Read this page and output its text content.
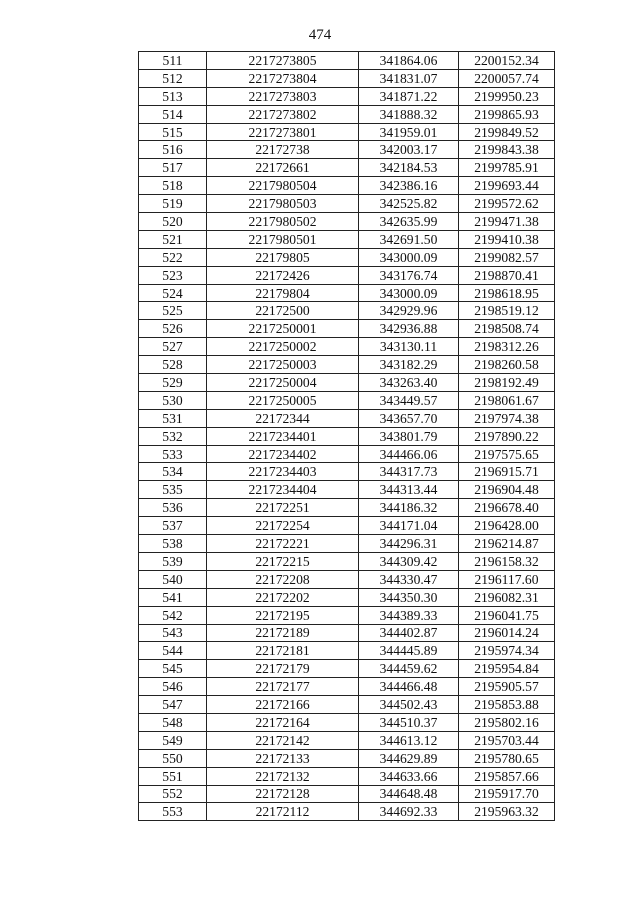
474
511	2217273805	341864.06	2200152.34
512	2217273804	341831.07	2200057.74
513	2217273803	341871.22	2199950.23
514	2217273802	341888.32	2199865.93
515	2217273801	341959.01	2199849.52
516	22172738	342003.17	2199843.38
517	22172661	342184.53	2199785.91
518	2217980504	342386.16	2199693.44
519	2217980503	342525.82	2199572.62
520	2217980502	342635.99	2199471.38
521	2217980501	342691.50	2199410.38
522	22179805	343000.09	2199082.57
523	22172426	343176.74	2198870.41
524	22179804	343000.09	2198618.95
525	22172500	342929.96	2198519.12
526	2217250001	342936.88	2198508.74
527	2217250002	343130.11	2198312.26
528	2217250003	343182.29	2198260.58
529	2217250004	343263.40	2198192.49
530	2217250005	343449.57	2198061.67
531	22172344	343657.70	2197974.38
532	2217234401	343801.79	2197890.22
533	2217234402	344466.06	2197575.65
534	2217234403	344317.73	2196915.71
535	2217234404	344313.44	2196904.48
536	22172251	344186.32	2196678.40
537	22172254	344171.04	2196428.00
538	22172221	344296.31	2196214.87
539	22172215	344309.42	2196158.32
540	22172208	344330.47	2196117.60
541	22172202	344350.30	2196082.31
542	22172195	344389.33	2196041.75
543	22172189	344402.87	2196014.24
544	22172181	344445.89	2195974.34
545	22172179	344459.62	2195954.84
546	22172177	344466.48	2195905.57
547	22172166	344502.43	2195853.88
548	22172164	344510.37	2195802.16
549	22172142	344613.12	2195703.44
550	22172133	344629.89	2195780.65
551	22172132	344633.66	2195857.66
552	22172128	344648.48	2195917.70
553	22172112	344692.33	2195963.32
